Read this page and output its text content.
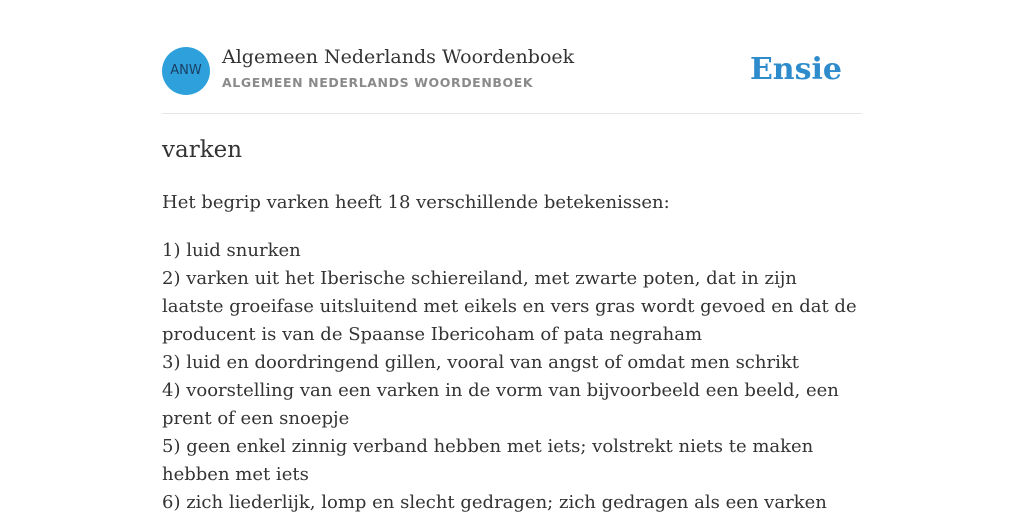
ANW
Algemeen Nederlands Woordenboek
ALGEMEEN NEDERLANDS WOORDENBOEK	Ensie
varken

Het begrip varken heeft 18 verschillende betekenissen:

1) luid snurken
2) varken uit het Iberische schiereiland, met zwarte poten, dat in zijn laatste groeifase uitsluitend met eikels en vers gras wordt gevoed en dat de producent is van de Spaanse Ibericoham of pata negraham
3) luid en doordringend gillen, vooral van angst of omdat men schrikt
4) voorstelling van een varken in de vorm van bijvoorbeeld een beeld, een prent of een snoepje
5) geen enkel zinnig verband hebben met iets; volstrekt niets te maken hebben met iets
6) zich liederlijk, lomp en slecht gedragen; zich gedragen als een varken
